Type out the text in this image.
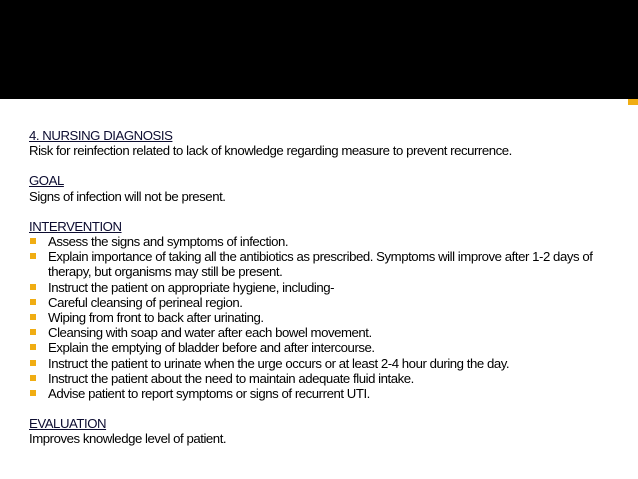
4. NURSING DIAGNOSIS
Risk for reinfection related to lack of knowledge regarding measure to prevent recurrence.
GOAL
Signs of infection will not be present.
INTERVENTION
Assess the signs and symptoms of infection.
Explain importance of taking all the antibiotics as prescribed. Symptoms will improve after 1-2 days of therapy, but organisms may still be present.
Instruct the patient on appropriate hygiene, including-
Careful cleansing of perineal region.
Wiping from front to back after urinating.
Cleansing with soap and water after each bowel movement.
Explain the emptying of bladder before and after intercourse.
Instruct the patient to urinate when the urge occurs or at least 2-4 hour during the day.
Instruct the patient about the need to maintain adequate fluid intake.
Advise patient to report symptoms or signs of recurrent UTI.
EVALUATION
Improves knowledge level of patient.
